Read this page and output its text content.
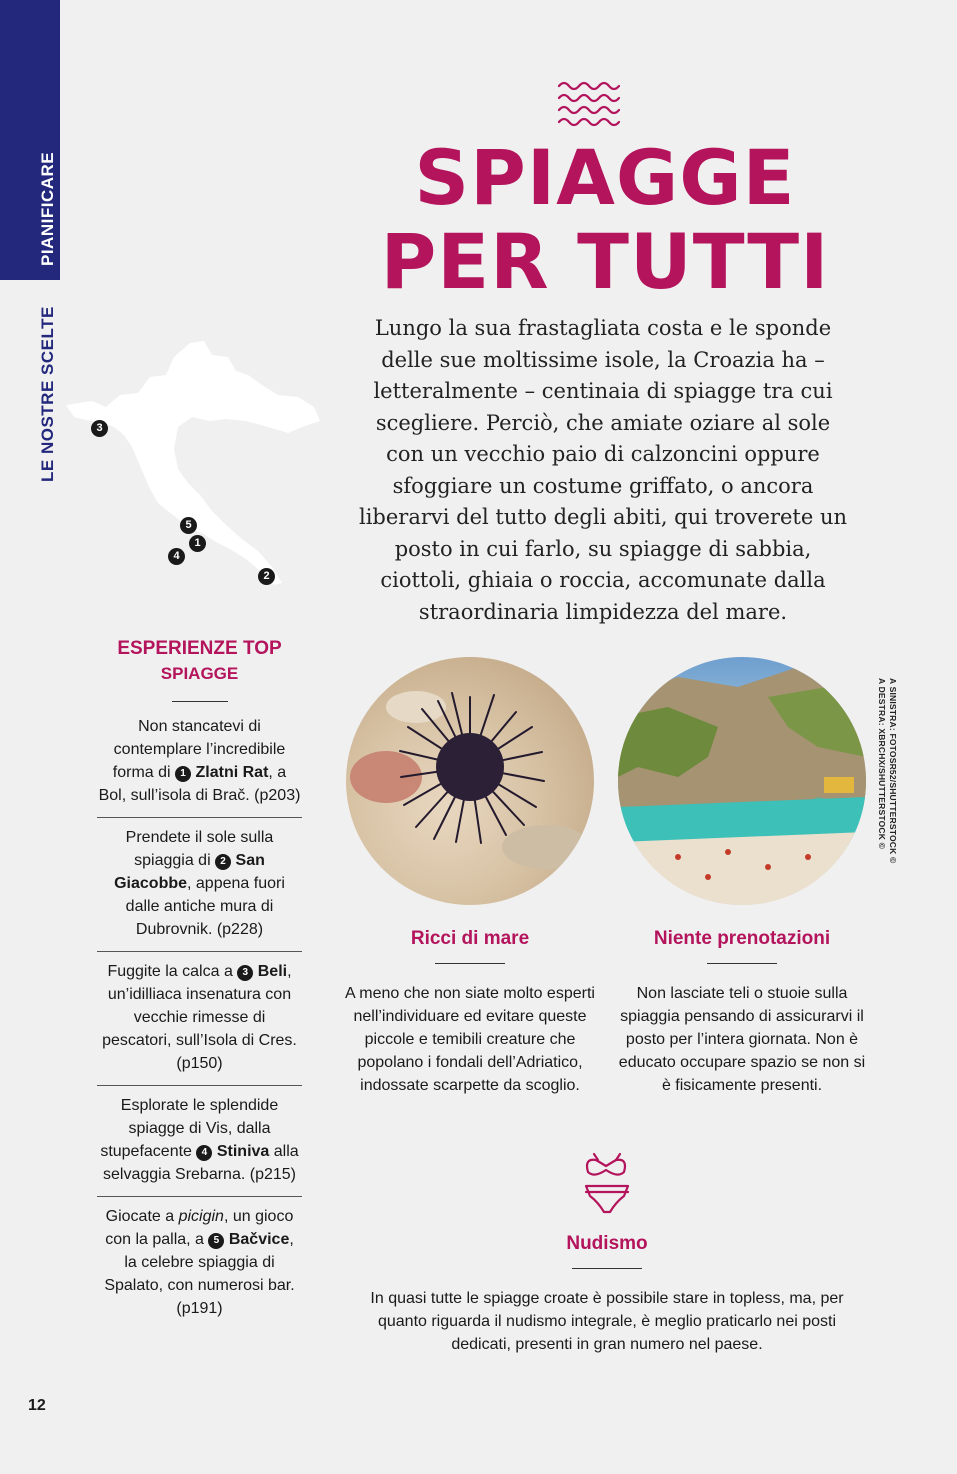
PIANIFICARE
LE NOSTRE SCELTE
SPIAGGE
PER TUTTI

Lungo la sua frastagliata costa e le sponde delle sue moltissime isole, la Croazia ha – letteralmente – centinaia di spiagge tra cui scegliere. Perciò, che amiate oziare al sole con un vecchio paio di calzoncini oppure sfoggiare un costume griffato, o ancora liberarvi del tutto degli abiti, qui troverete un posto in cui farlo, su spiagge di sabbia, ciottoli, ghiaia o roccia, accomunate dalla straordinaria limpidezza del mare.

3
5
1
4
2
ESPERIENZE TOP
SPIAGGE
Non stancatevi di contemplare l’incredibile forma di 1 Zlatni Rat, a Bol, sull’isola di Brač. (p203)
Prendete il sole sulla spiaggia di 2 San Giacobbe, appena fuori dalle antiche mura di Dubrovnik. (p228)
Fuggite la calca a 3 Beli, un’idilliaca insenatura con vecchie rimesse di pescatori, sull’Isola di Cres. (p150)
Esplorate le splendide spiagge di Vis, dalla stupefacente 4 Stiniva alla selvaggia Srebarna. (p215)
Giocate a picigin, un gioco con la palla, a 5 Bačvice, la celebre spiaggia di Spalato, con numerosi bar. (p191)
A SINISTRA: FOTOSR52/SHUTTERSTOCK ©
A DESTRA: XBRCHX/SHUTTERSTOCK ©
Ricci di mare

A meno che non siate molto esperti nell’individuare ed evitare queste piccole e temibili creature che popolano i fondali dell’Adriatico, indossate scarpette da scoglio.

Niente prenotazioni

Non lasciate teli o stuoie sulla spiaggia pensando di assicurarvi il posto per l’intera giornata. Non è educato occupare spazio se non si è fisicamente presenti.

Nudismo

In quasi tutte le spiagge croate è possibile stare in topless, ma, per quanto riguarda il nudismo integrale, è meglio praticarlo nei posti dedicati, presenti in gran numero nel paese.

12
